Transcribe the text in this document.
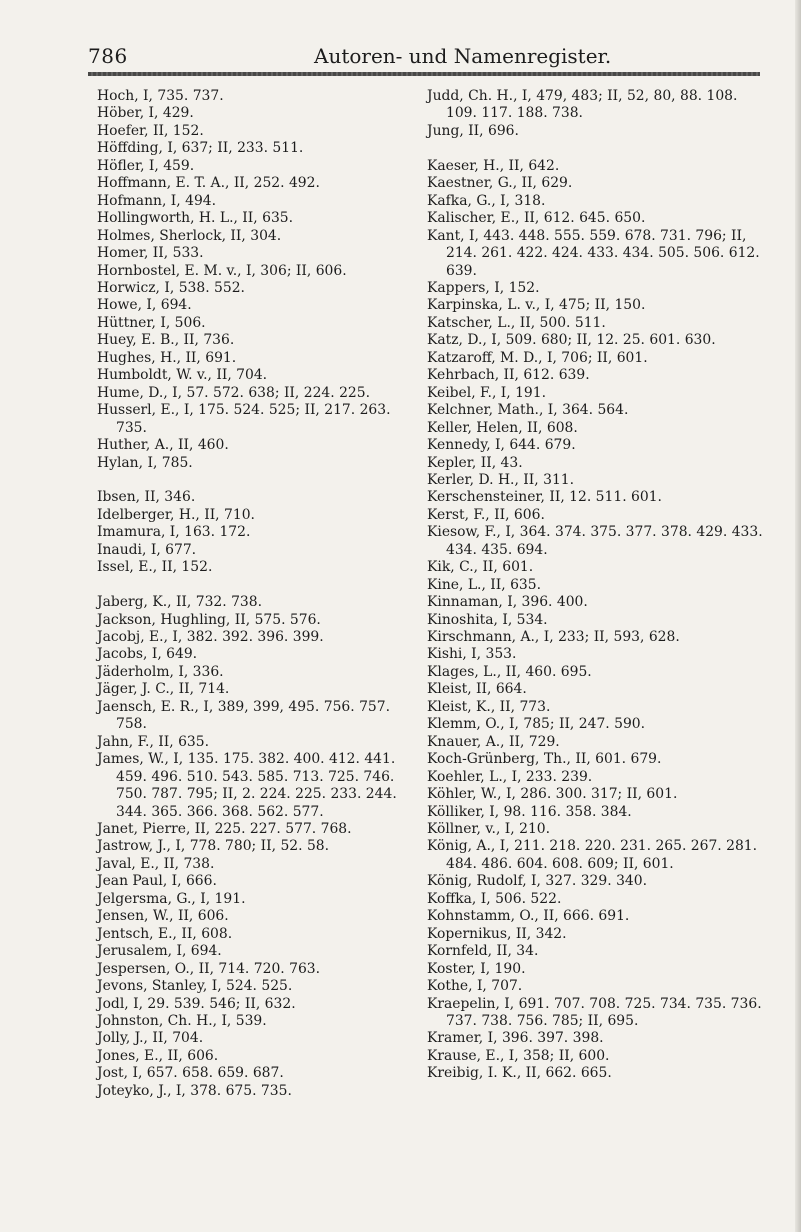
786	Autoren- und Namenregister.

Hoch, I, 735. 737.

Höber, I, 429.

Hoefer, II, 152.

Höffding, I, 637; II, 233. 511.

Höfler, I, 459.

Hoffmann, E. T. A., II, 252. 492.

Hofmann, I, 494.

Hollingworth, H. L., II, 635.

Holmes, Sherlock, II, 304.

Homer, II, 533.

Hornbostel, E. M. v., I, 306; II, 606.

Horwicz, I, 538. 552.

Howe, I, 694.

Hüttner, I, 506.

Huey, E. B., II, 736.

Hughes, H., II, 691.

Humboldt, W. v., II, 704.

Hume, D., I, 57. 572. 638; II, 224. 225.

Husserl, E., I, 175. 524. 525; II, 217. 263. 735.

Huther, A., II, 460.

Hylan, I, 785.

Ibsen, II, 346.

Idelberger, H., II, 710.

Imamura, I, 163. 172.

Inaudi, I, 677.

Issel, E., II, 152.

Jaberg, K., II, 732. 738.

Jackson, Hughling, II, 575. 576.

Jacobj, E., I, 382. 392. 396. 399.

Jacobs, I, 649.

Jäderholm, I, 336.

Jäger, J. C., II, 714.

Jaensch, E. R., I, 389, 399, 495. 756. 757. 758.

Jahn, F., II, 635.

James, W., I, 135. 175. 382. 400. 412. 441. 459. 496. 510. 543. 585. 713. 725. 746. 750. 787. 795; II, 2. 224. 225. 233. 244. 344. 365. 366. 368. 562. 577.

Janet, Pierre, II, 225. 227. 577. 768.

Jastrow, J., I, 778. 780; II, 52. 58.

Javal, E., II, 738.

Jean Paul, I, 666.

Jelgersma, G., I, 191.

Jensen, W., II, 606.

Jentsch, E., II, 608.

Jerusalem, I, 694.

Jespersen, O., II, 714. 720. 763.

Jevons, Stanley, I, 524. 525.

Jodl, I, 29. 539. 546; II, 632.

Johnston, Ch. H., I, 539.

Jolly, J., II, 704.

Jones, E., II, 606.

Jost, I, 657. 658. 659. 687.

Joteyko, J., I, 378. 675. 735.

Judd, Ch. H., I, 479, 483; II, 52, 80, 88. 108. 109. 117. 188. 738.

Jung, II, 696.

Kaeser, H., II, 642.

Kaestner, G., II, 629.

Kafka, G., I, 318.

Kalischer, E., II, 612. 645. 650.

Kant, I, 443. 448. 555. 559. 678. 731. 796; II, 214. 261. 422. 424. 433. 434. 505. 506. 612. 639.

Kappers, I, 152.

Karpinska, L. v., I, 475; II, 150.

Katscher, L., II, 500. 511.

Katz, D., I, 509. 680; II, 12. 25. 601. 630.

Katzaroff, M. D., I, 706; II, 601.

Kehrbach, II, 612. 639.

Keibel, F., I, 191.

Kelchner, Math., I, 364. 564.

Keller, Helen, II, 608.

Kennedy, I, 644. 679.

Kepler, II, 43.

Kerler, D. H., II, 311.

Kerschensteiner, II, 12. 511. 601.

Kerst, F., II, 606.

Kiesow, F., I, 364. 374. 375. 377. 378. 429. 433. 434. 435. 694.

Kik, C., II, 601.

Kine, L., II, 635.

Kinnaman, I, 396. 400.

Kinoshita, I, 534.

Kirschmann, A., I, 233; II, 593, 628.

Kishi, I, 353.

Klages, L., II, 460. 695.

Kleist, II, 664.

Kleist, K., II, 773.

Klemm, O., I, 785; II, 247. 590.

Knauer, A., II, 729.

Koch-Grünberg, Th., II, 601. 679.

Koehler, L., I, 233. 239.

Köhler, W., I, 286. 300. 317; II, 601.

Kölliker, I, 98. 116. 358. 384.

Köllner, v., I, 210.

König, A., I, 211. 218. 220. 231. 265. 267. 281. 484. 486. 604. 608. 609; II, 601.

König, Rudolf, I, 327. 329. 340.

Koffka, I, 506. 522.

Kohnstamm, O., II, 666. 691.

Kopernikus, II, 342.

Kornfeld, II, 34.

Koster, I, 190.

Kothe, I, 707.

Kraepelin, I, 691. 707. 708. 725. 734. 735. 736. 737. 738. 756. 785; II, 695.

Kramer, I, 396. 397. 398.

Krause, E., I, 358; II, 600.

Kreibig, I. K., II, 662. 665.
